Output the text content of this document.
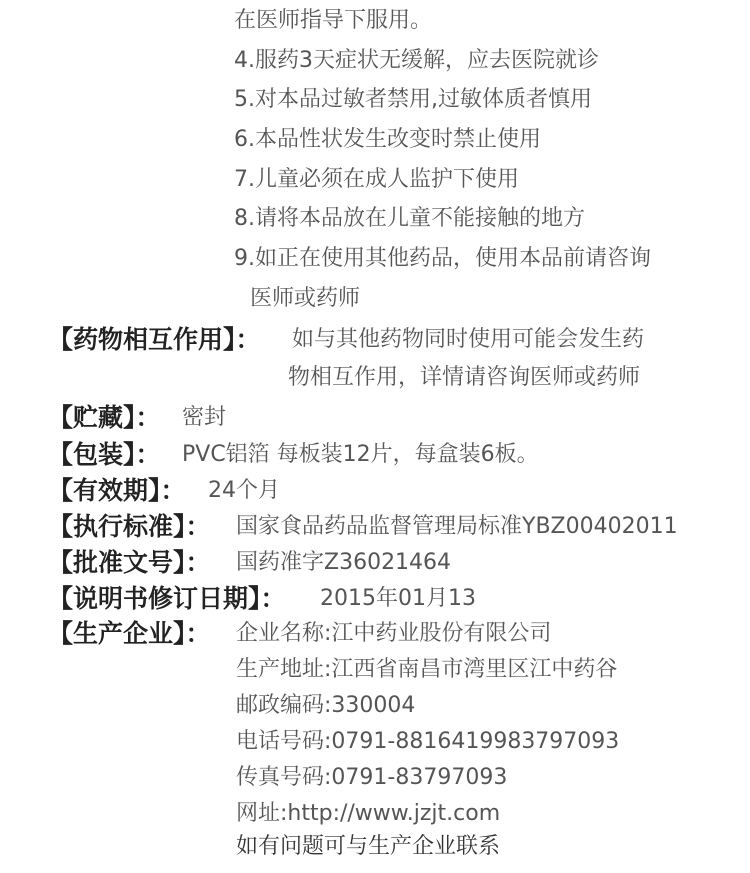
在医师指导下服用。
4.服药3天症状无缓解，应去医院就诊
5.对本品过敏者禁用,过敏体质者慎用
6.本品性状发生改变时禁止使用
7.儿童必须在成人监护下使用
8.请将本品放在儿童不能接触的地方
9.如正在使用其他药品，使用本品前请咨询
医师或药师
【药物相互作用】： 如与其他药物同时使用可能会发生药
物相互作用，详情请咨询医师或药师
【贮藏】： 密封
【包装】： PVC铝箔 每板装12片，每盒装6板。
【有效期】： 24个月
【执行标准】： 国家食品药品监督管理局标准YBZ00402011
【批准文号】： 国药准字Z36021464
【说明书修订日期】： 2015年01月13
【生产企业】： 企业名称:江中药业股份有限公司
生产地址:江西省南昌市湾里区江中药谷
邮政编码:330004
电话号码:0791-8816419983797093
传真号码:0791-83797093
网址:http://www.jzjt.com
如有问题可与生产企业联系
